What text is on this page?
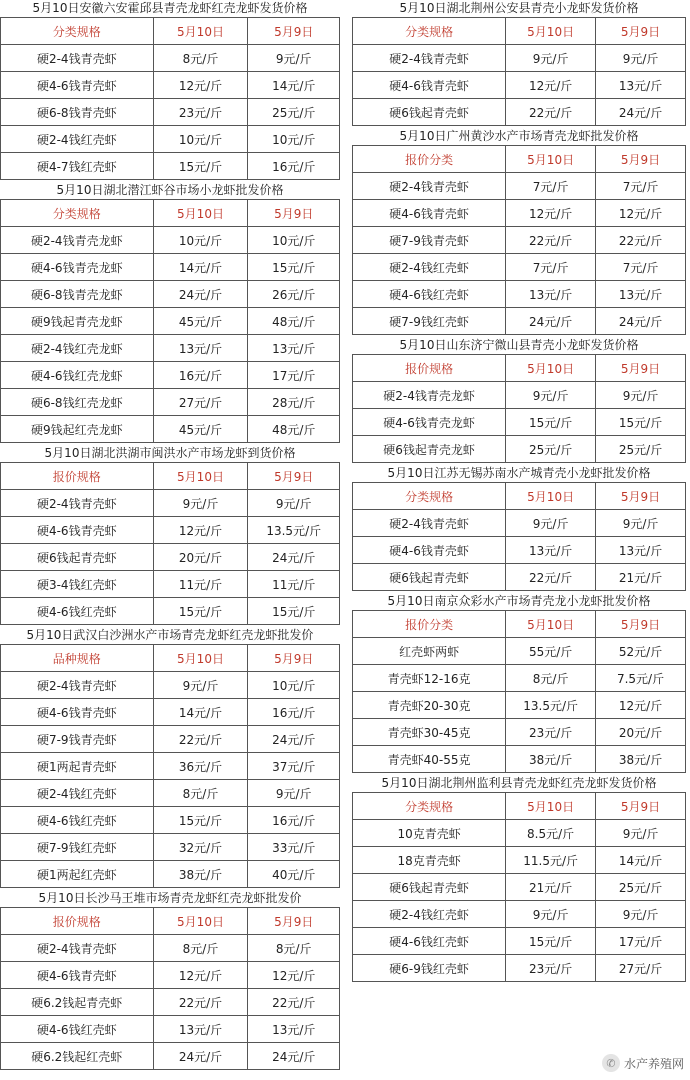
5月10日安徽六安霍邱县青壳龙虾红壳龙虾发货价格
分类规格	5月10日	5月9日
硬2-4钱青壳虾	8元/斤	9元/斤
硬4-6钱青壳虾	12元/斤	14元/斤
硬6-8钱青壳虾	23元/斤	25元/斤
硬2-4钱红壳虾	10元/斤	10元/斤
硬4-7钱红壳虾	15元/斤	16元/斤
5月10日湖北潜江虾谷市场小龙虾批发价格
分类规格	5月10日	5月9日
硬2-4钱青壳龙虾	10元/斤	10元/斤
硬4-6钱青壳龙虾	14元/斤	15元/斤
硬6-8钱青壳龙虾	24元/斤	26元/斤
硬9钱起青壳龙虾	45元/斤	48元/斤
硬2-4钱红壳龙虾	13元/斤	13元/斤
硬4-6钱红壳龙虾	16元/斤	17元/斤
硬6-8钱红壳龙虾	27元/斤	28元/斤
硬9钱起红壳龙虾	45元/斤	48元/斤
5月10日湖北洪湖市闽洪水产市场龙虾到货价格
报价规格	5月10日	5月9日
硬2-4钱青壳虾	9元/斤	9元/斤
硬4-6钱青壳虾	12元/斤	13.5元/斤
硬6钱起青壳虾	20元/斤	24元/斤
硬3-4钱红壳虾	11元/斤	11元/斤
硬4-6钱红壳虾	15元/斤	15元/斤
5月10日武汉白沙洲水产市场青壳龙虾红壳龙虾批发价
品种规格	5月10日	5月9日
硬2-4钱青壳虾	9元/斤	10元/斤
硬4-6钱青壳虾	14元/斤	16元/斤
硬7-9钱青壳虾	22元/斤	24元/斤
硬1两起青壳虾	36元/斤	37元/斤
硬2-4钱红壳虾	8元/斤	9元/斤
硬4-6钱红壳虾	15元/斤	16元/斤
硬7-9钱红壳虾	32元/斤	33元/斤
硬1两起红壳虾	38元/斤	40元/斤
5月10日长沙马王堆市场青壳龙虾红壳龙虾批发价
报价规格	5月10日	5月9日
硬2-4钱青壳虾	8元/斤	8元/斤
硬4-6钱青壳虾	12元/斤	12元/斤
硬6.2钱起青壳虾	22元/斤	22元/斤
硬4-6钱红壳虾	13元/斤	13元/斤
硬6.2钱起红壳虾	24元/斤	24元/斤
5月10日湖北荆州公安县青壳小龙虾发货价格
分类规格	5月10日	5月9日
硬2-4钱青壳虾	9元/斤	9元/斤
硬4-6钱青壳虾	12元/斤	13元/斤
硬6钱起青壳虾	22元/斤	24元/斤
5月10日广州黄沙水产市场青壳龙虾批发价格
报价分类	5月10日	5月9日
硬2-4钱青壳虾	7元/斤	7元/斤
硬4-6钱青壳虾	12元/斤	12元/斤
硬7-9钱青壳虾	22元/斤	22元/斤
硬2-4钱红壳虾	7元/斤	7元/斤
硬4-6钱红壳虾	13元/斤	13元/斤
硬7-9钱红壳虾	24元/斤	24元/斤
5月10日山东济宁微山县青壳小龙虾发货价格
报价规格	5月10日	5月9日
硬2-4钱青壳龙虾	9元/斤	9元/斤
硬4-6钱青壳龙虾	15元/斤	15元/斤
硬6钱起青壳龙虾	25元/斤	25元/斤
5月10日江苏无锡苏南水产城青壳小龙虾批发价格
分类规格	5月10日	5月9日
硬2-4钱青壳虾	9元/斤	9元/斤
硬4-6钱青壳虾	13元/斤	13元/斤
硬6钱起青壳虾	22元/斤	21元/斤
5月10日南京众彩水产市场青壳龙小龙虾批发价格
报价分类	5月10日	5月9日
红壳虾两虾	55元/斤	52元/斤
青壳虾12-16克	8元/斤	7.5元/斤
青壳虾20-30克	13.5元/斤	12元/斤
青壳虾30-45克	23元/斤	20元/斤
青壳虾40-55克	38元/斤	38元/斤
5月10日湖北荆州监利县青壳龙虾红壳龙虾发货价格
分类规格	5月10日	5月9日
10克青壳虾	8.5元/斤	9元/斤
18克青壳虾	11.5元/斤	14元/斤
硬6钱起青壳虾	21元/斤	25元/斤
硬2-4钱红壳虾	9元/斤	9元/斤
硬4-6钱红壳虾	15元/斤	17元/斤
硬6-9钱红壳虾	23元/斤	27元/斤
✆ 水产养殖网
